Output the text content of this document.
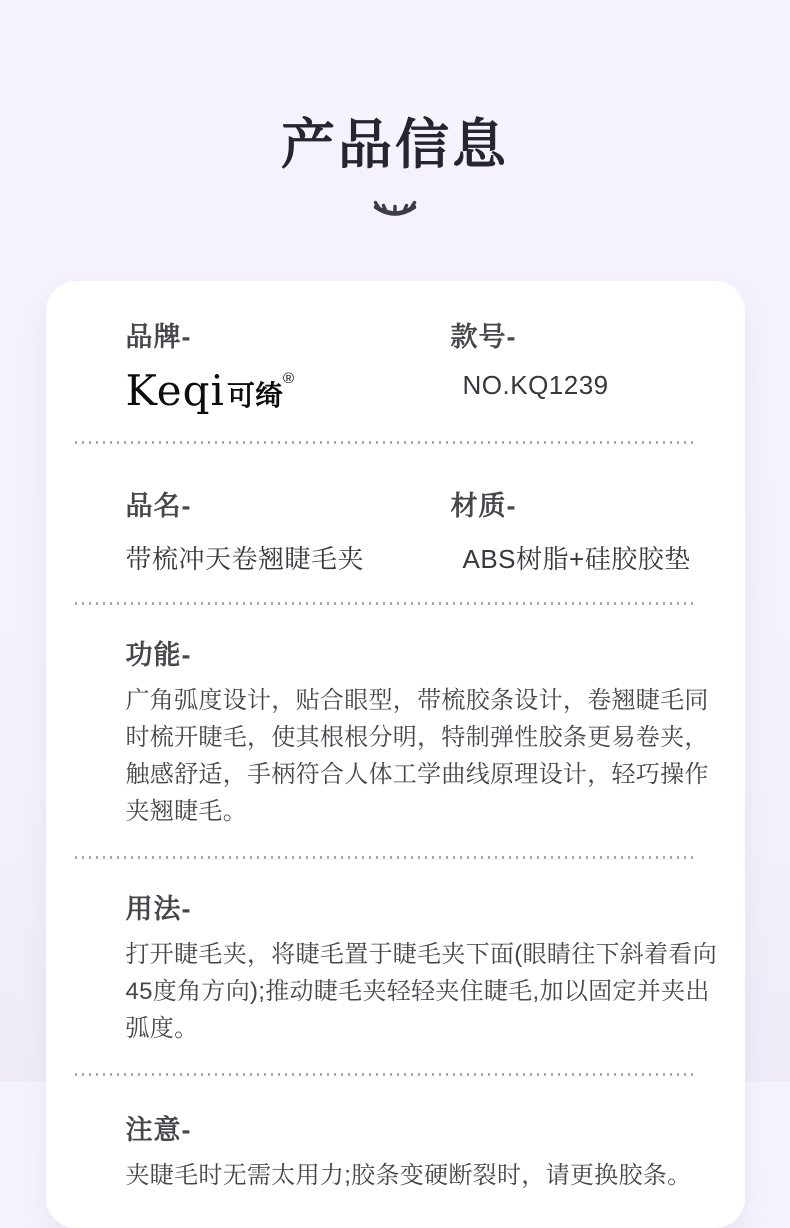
产品信息
品牌-
Keqi可绮®
款号-
NO.KQ1239
品名-
带梳冲天卷翘睫毛夹
材质-
ABS树脂+硅胶胶垫
功能-
广角弧度设计，贴合眼型，带梳胶条设计，卷翘睫毛同时梳开睫毛，使其根根分明，特制弹性胶条更易卷夹，触感舒适，手柄符合人体工学曲线原理设计，轻巧操作夹翘睫毛。
用法-
打开睫毛夹，将睫毛置于睫毛夹下面(眼睛往下斜着看向45度角方向);推动睫毛夹轻轻夹住睫毛,加以固定并夹出弧度。
注意-
夹睫毛时无需太用力;胶条变硬断裂时，请更换胶条。
